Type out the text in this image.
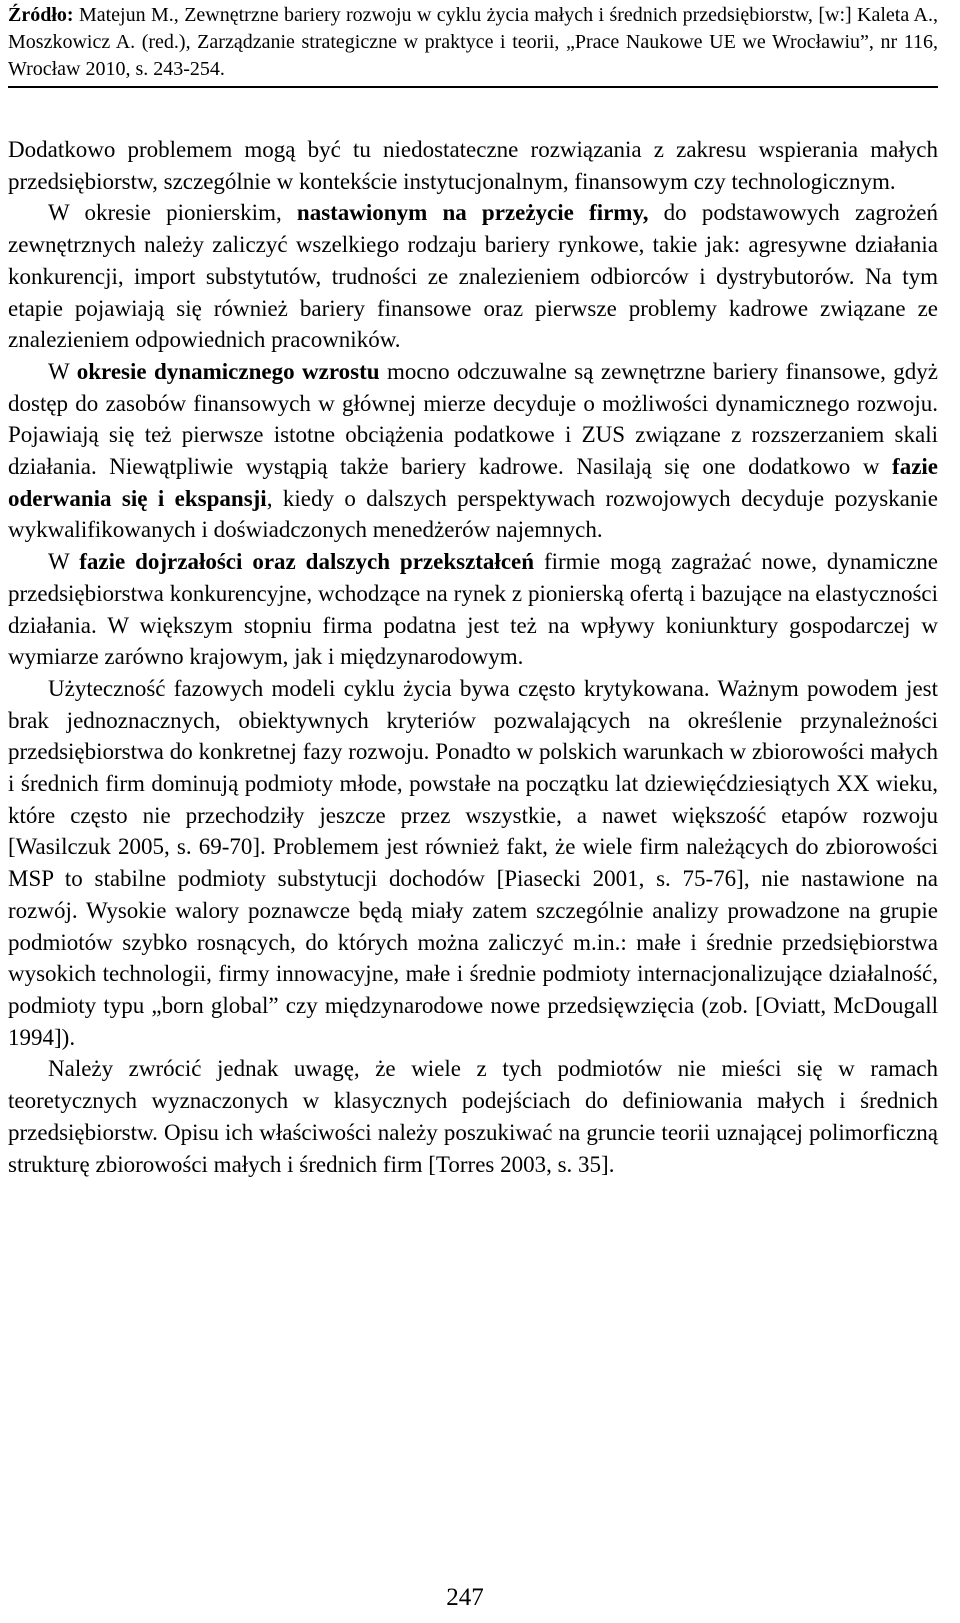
Źródło: Matejun M., Zewnętrzne bariery rozwoju w cyklu życia małych i średnich przedsiębiorstw, [w:] Kaleta A., Moszkowicz A. (red.), Zarządzanie strategiczne w praktyce i teorii, „Prace Naukowe UE we Wrocławiu”, nr 116, Wrocław 2010, s. 243-254.

Dodatkowo problemem mogą być tu niedostateczne rozwiązania z zakresu wspierania małych przedsiębiorstw, szczególnie w kontekście instytucjonalnym, finansowym czy technologicznym.

W okresie pionierskim, nastawionym na przeżycie firmy, do podstawowych zagrożeń zewnętrznych należy zaliczyć wszelkiego rodzaju bariery rynkowe, takie jak: agresywne działania konkurencji, import substytutów, trudności ze znalezieniem odbiorców i dystrybutorów. Na tym etapie pojawiają się również bariery finansowe oraz pierwsze problemy kadrowe związane ze znalezieniem odpowiednich pracowników.

W okresie dynamicznego wzrostu mocno odczuwalne są zewnętrzne bariery finansowe, gdyż dostęp do zasobów finansowych w głównej mierze decyduje o możliwości dynamicznego rozwoju. Pojawiają się też pierwsze istotne obciążenia podatkowe i ZUS związane z rozszerzaniem skali działania. Niewątpliwie wystąpią także bariery kadrowe. Nasilają się one dodatkowo w fazie oderwania się i ekspansji, kiedy o dalszych perspektywach rozwojowych decyduje pozyskanie wykwalifikowanych i doświadczonych menedżerów najemnych.

W fazie dojrzałości oraz dalszych przekształceń firmie mogą zagrażać nowe, dynamiczne przedsiębiorstwa konkurencyjne, wchodzące na rynek z pionierską ofertą i bazujące na elastyczności działania. W większym stopniu firma podatna jest też na wpływy koniunktury gospodarczej w wymiarze zarówno krajowym, jak i międzynarodowym.

Użyteczność fazowych modeli cyklu życia bywa często krytykowana. Ważnym powodem jest brak jednoznacznych, obiektywnych kryteriów pozwalających na określenie przynależności przedsiębiorstwa do konkretnej fazy rozwoju. Ponadto w polskich warunkach w zbiorowości małych i średnich firm dominują podmioty młode, powstałe na początku lat dziewięćdziesiątych XX wieku, które często nie przechodziły jeszcze przez wszystkie, a nawet większość etapów rozwoju [Wasilczuk 2005, s. 69-70]. Problemem jest również fakt, że wiele firm należących do zbiorowości MSP to stabilne podmioty substytucji dochodów [Piasecki 2001, s. 75-76], nie nastawione na rozwój. Wysokie walory poznawcze będą miały zatem szczególnie analizy prowadzone na grupie podmiotów szybko rosnących, do których można zaliczyć m.in.: małe i średnie przedsiębiorstwa wysokich technologii, firmy innowacyjne, małe i średnie podmioty internacjonalizujące działalność, podmioty typu „born global” czy międzynarodowe nowe przedsięwzięcia (zob. [Oviatt, McDougall 1994]).

Należy zwrócić jednak uwagę, że wiele z tych podmiotów nie mieści się w ramach teoretycznych wyznaczonych w klasycznych podejściach do definiowania małych i średnich przedsiębiorstw. Opisu ich właściwości należy poszukiwać na gruncie teorii uznającej polimorficzną strukturę zbiorowości małych i średnich firm [Torres 2003, s. 35].

247
